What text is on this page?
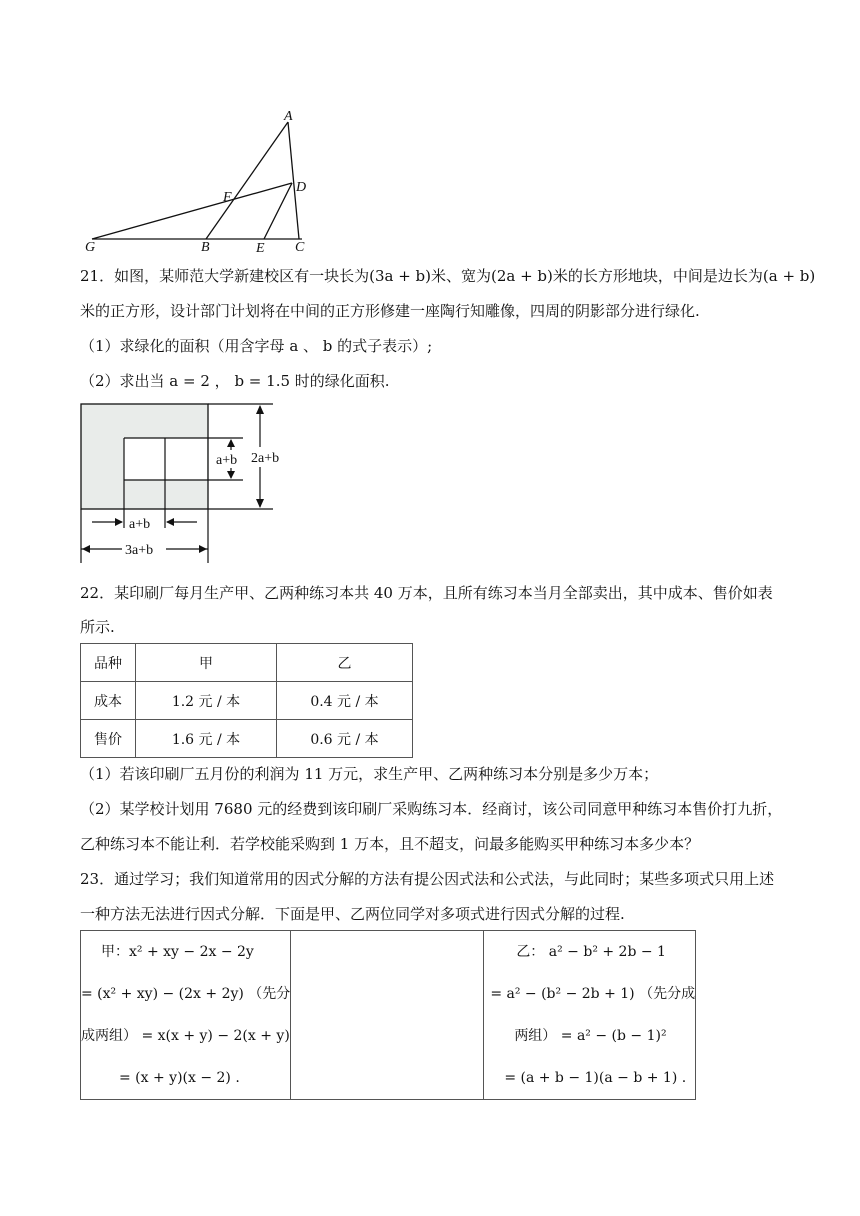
A
D
F
G	B	E C
21．如图，某师范大学新建校区有一块长为(3a + b)米、宽为(2a + b)米的长方形地块，中间是边长为(a + b)
米的正方形，设计部门计划将在中间的正方形修建一座陶行知雕像，四周的阴影部分进行绿化.
（1）求绿化的面积（用含字母 a 、 b 的式子表示）;
（2）求出当 a = 2 ， b = 1.5 时的绿化面积.
a+b 2a+b
a+b
3a+b
22．某印刷厂每月生产甲、乙两种练习本共 40 万本，且所有练习本当月全部卖出，其中成本、售价如表
所示.
品种	甲	乙
成本	1.2 元 / 本	0.4 元 / 本
售价	1.6 元 / 本	0.6 元 / 本
（1）若该印刷厂五月份的利润为 11 万元，求生产甲、乙两种练习本分别是多少万本；
（2）某学校计划用 7680 元的经费到该印刷厂采购练习本．经商讨，该公司同意甲种练习本售价打九折，
乙种练习本不能让利．若学校能采购到 1 万本，且不超支，问最多能购买甲种练习本多少本？
23．通过学习；我们知道常用的因式分解的方法有提公因式法和公式法，与此同时；某些多项式只用上述
一种方法无法进行因式分解．下面是甲、乙两位同学对多项式进行因式分解的过程.
甲：x² + xy − 2x − 2y
= (x² + xy) − (2x + 2y) （先分
成两组） = x(x + y) − 2(x + y)
= (x + y)(x − 2) .

乙： a² − b² + 2b − 1
= a² − (b² − 2b + 1) （先分成
两组） = a² − (b − 1)²
= (a + b − 1)(a − b + 1) .
